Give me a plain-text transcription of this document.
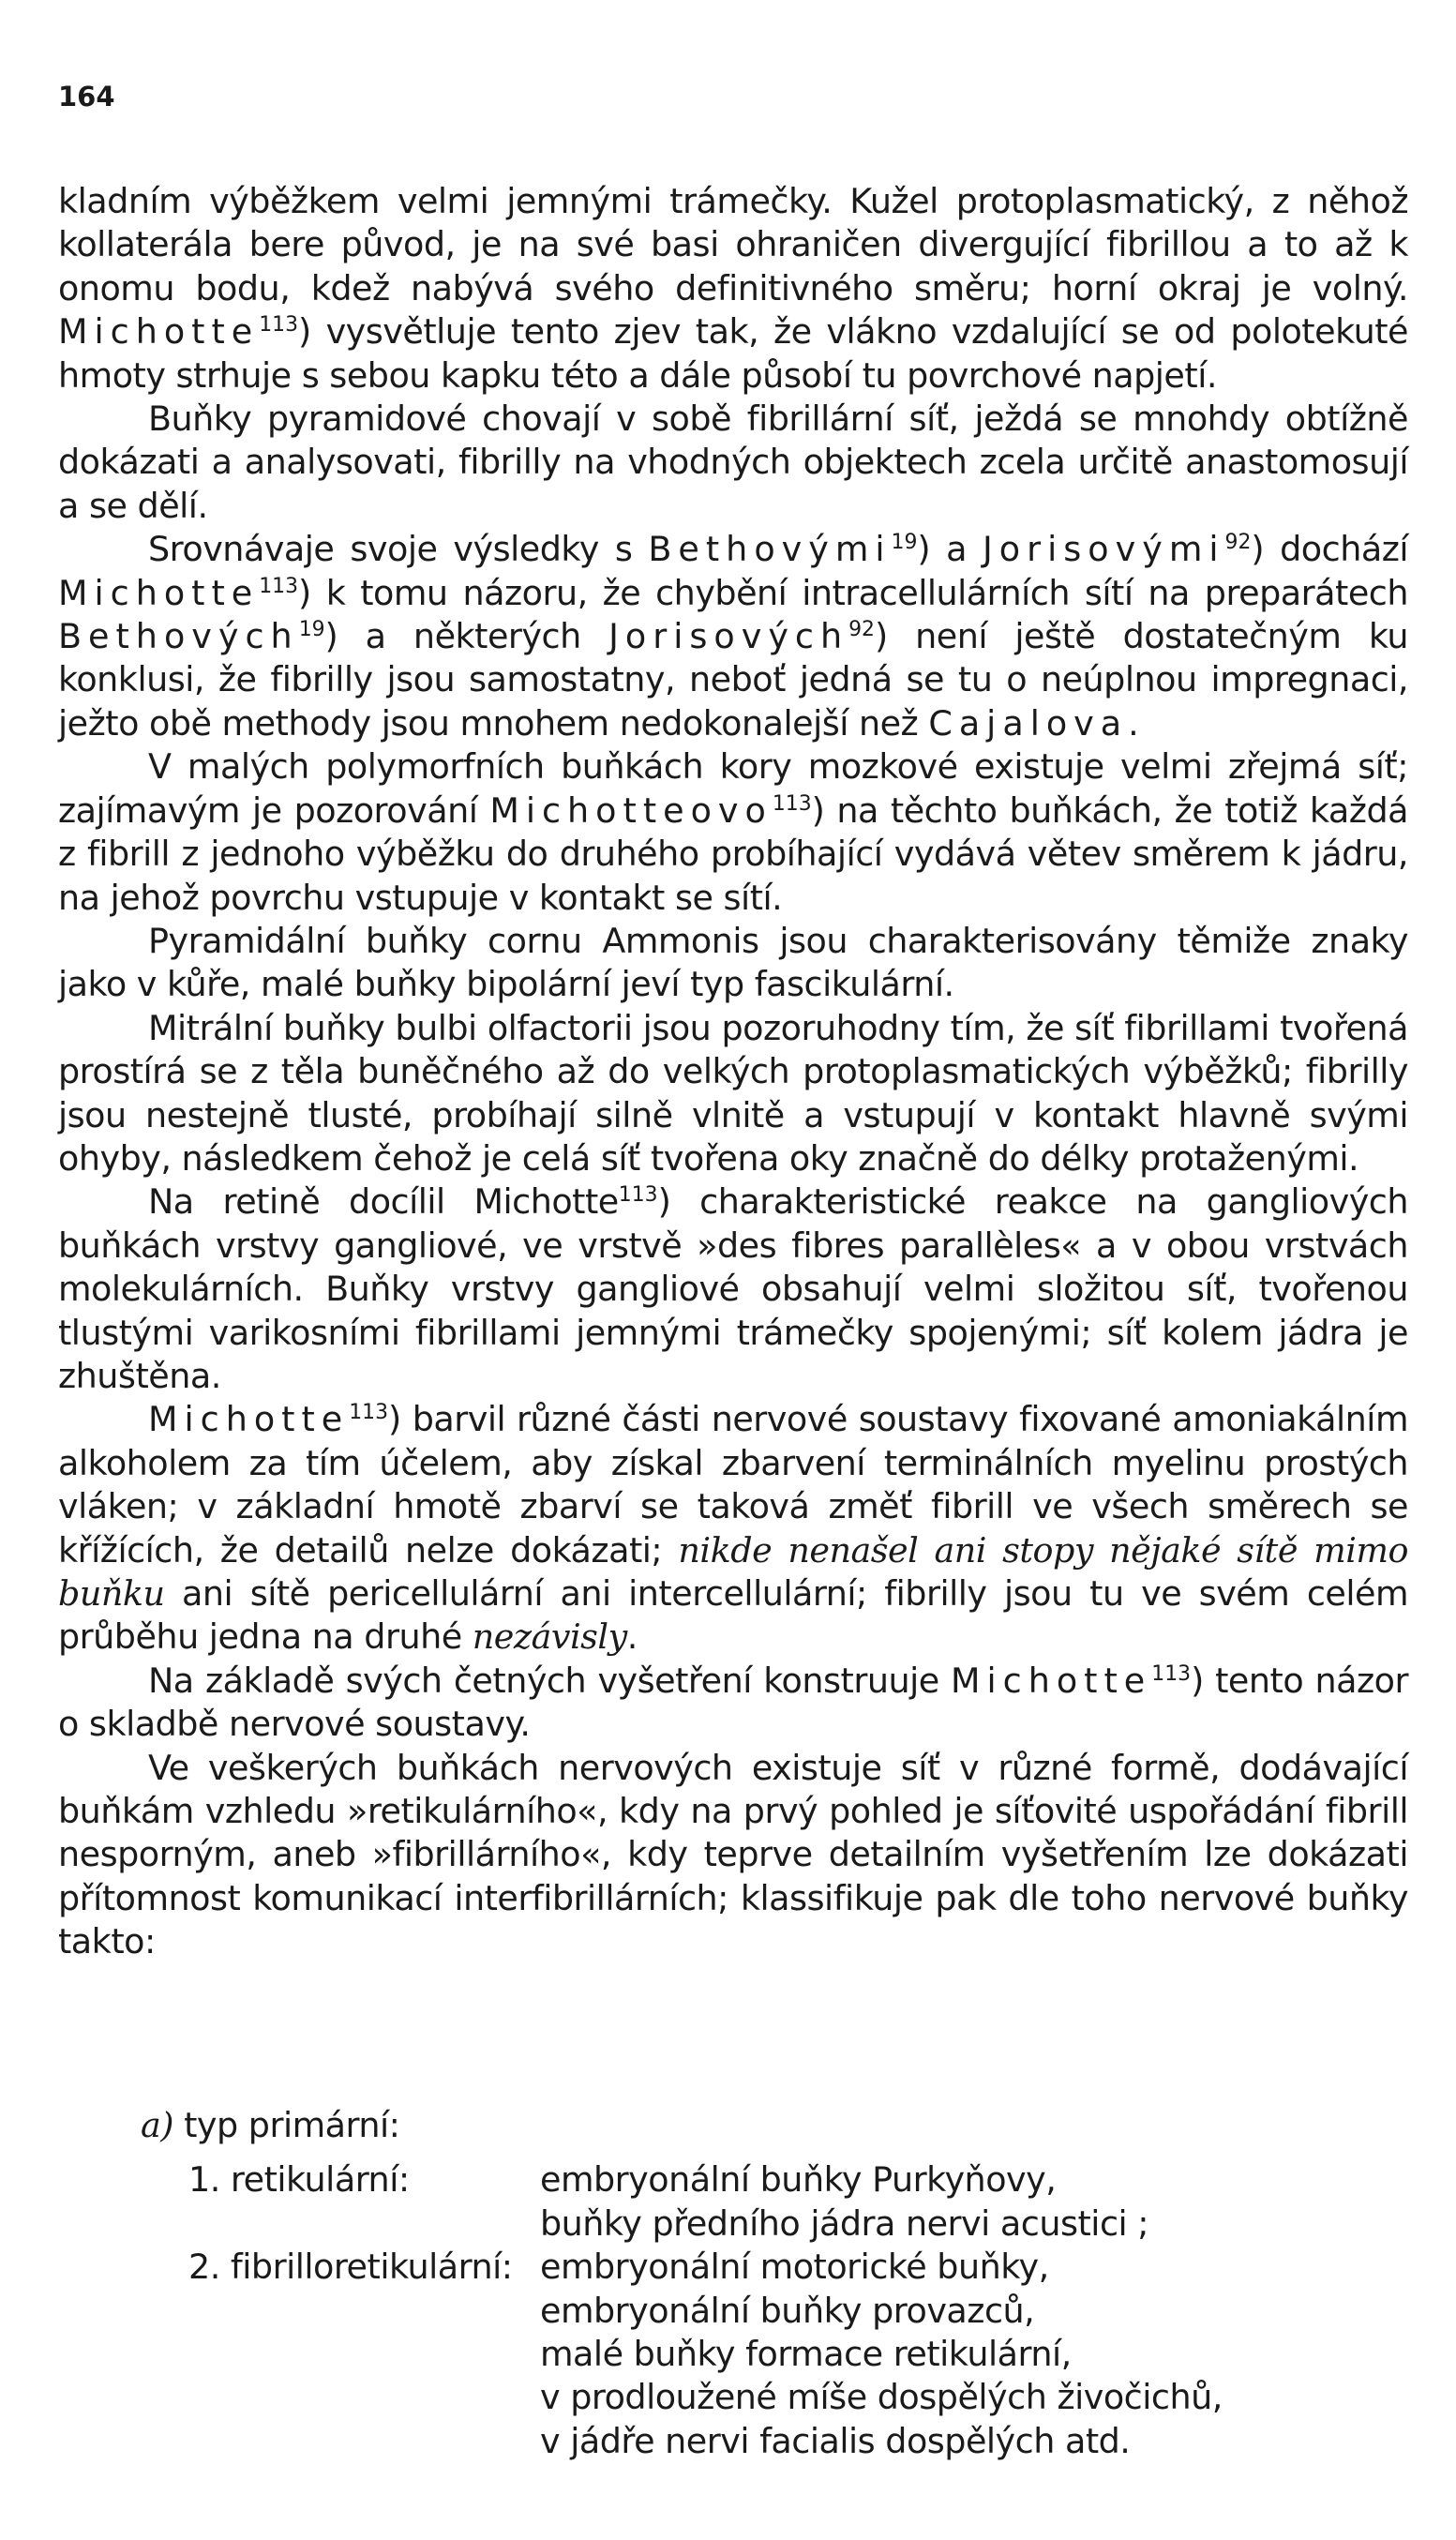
164

kladním výběžkem velmi jemnými trámečky. Kužel protoplasmatický, z něhož kollaterála bere původ, je na své basi ohraničen divergující fibrillou a to až k onomu bodu, kdež nabývá svého definitivného směru; horní okraj je volný. Michotte$^{113}$) vysvětluje tento zjev tak, že vlákno vzdalující se od polotekuté hmoty strhuje s sebou kapku této a dále působí tu povrchové napjetí.

Buňky pyramidové chovají v sobě fibrillární síť, ježdá se mnohdy obtížně dokázati a analysovati, fibrilly na vhodných objektech zcela určitě anastomosují a se dělí.

Srovnávaje svoje výsledky s Bethovými$^{19}$) a Jorisovými$^{92}$) dochází Michotte$^{113}$) k tomu názoru, že chybění intracellulárních sítí na preparátech Bethových$^{19}$) a některých Jorisových$^{92}$) není ještě dostatečným ku konklusi, že fibrilly jsou samostatny, neboť jedná se tu o neúplnou impregnaci, ježto obě methody jsou mnohem nedokonalejší než Cajalova.

V malých polymorfních buňkách kory mozkové existuje velmi zřejmá síť; zajímavým je pozorování Michotteovo$^{113}$) na těchto buňkách, že totiž každá z fibrill z jednoho výběžku do druhého probíhající vydává větev směrem k jádru, na jehož povrchu vstupuje v kontakt se sítí.

Pyramidální buňky cornu Ammonis jsou charakterisovány těmiže znaky jako v kůře, malé buňky bipolární jeví typ fascikulární.

Mitrální buňky bulbi olfactorii jsou pozoruhodny tím, že síť fibrillami tvořená prostírá se z těla buněčného až do velkých protoplasmatických výběžků; fibrilly jsou nestejně tlusté, probíhají silně vlnitě a vstupují v kontakt hlavně svými ohyby, následkem čehož je celá síť tvořena oky značně do délky protaženými.

Na retině docílil Michotte$^{113}$) charakteristické reakce na gangliových buňkách vrstvy gangliové, ve vrstvě »des fibres parallèles« a v obou vrstvách molekulárních. Buňky vrstvy gangliové obsahují velmi složitou síť, tvořenou tlustými varikosními fibrillami jemnými trámečky spojenými; síť kolem jádra je zhuštěna.

Michotte$^{113}$) barvil různé části nervové soustavy fixované amoniakálním alkoholem za tím účelem, aby získal zbarvení terminálních myelinu prostých vláken; v základní hmotě zbarví se taková změť fibrill ve všech směrech se křížících, že detailů nelze dokázati; nikde nenašel ani stopy nějaké sítě mimo buňku ani sítě pericellulární ani intercellulární; fibrilly jsou tu ve svém celém průběhu jedna na druhé nezávisly.

Na základě svých četných vyšetření konstruuje Michotte$^{113}$) tento názor o skladbě nervové soustavy.

Ve veškerých buňkách nervových existuje síť v různé formě, dodávající buňkám vzhledu »retikulárního«, kdy na prvý pohled je síťovité uspořádání fibrill nesporným, aneb »fibrillárního«, kdy teprve detailním vyšetřením lze dokázati přítomnost komunikací interfibrillárních; klassifikuje pak dle toho nervové buňky takto:

a) typ primární:
1. retikulární:	embryonální buňky Purkyňovy,
buňky předního jádra nervi acustici ;
2. fibrilloretikulární: embryonální motorické buňky,
embryonální buňky provazců,
malé buňky formace retikulární,
v prodloužené míše dospělých živočichů,
v jádře nervi facialis dospělých atd.
